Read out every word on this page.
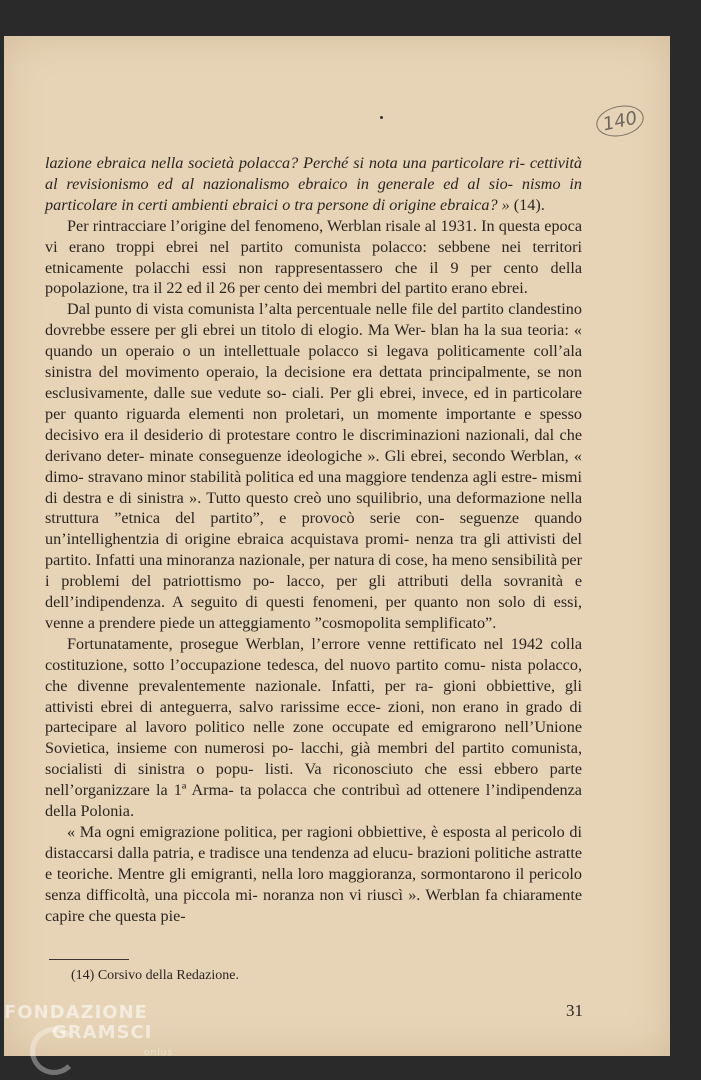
140

lazione ebraica nella società polacca? Perché si nota una particolare ri- cettività al revisionismo ed al nazionalismo ebraico in generale ed al sio- nismo in particolare in certi ambienti ebraici o tra persone di origine ebraica? » (14).

Per rintracciare l’origine del fenomeno, Werblan risale al 1931. In questa epoca vi erano troppi ebrei nel partito comunista polacco: sebbene nei territori etnicamente polacchi essi non rappresentassero che il 9 per cento della popolazione, tra il 22 ed il 26 per cento dei membri del partito erano ebrei.

Dal punto di vista comunista l’alta percentuale nelle file del partito clandestino dovrebbe essere per gli ebrei un titolo di elogio. Ma Wer- blan ha la sua teoria: « quando un operaio o un intellettuale polacco si legava politicamente coll’ala sinistra del movimento operaio, la decisione era dettata principalmente, se non esclusivamente, dalle sue vedute so- ciali. Per gli ebrei, invece, ed in particolare per quanto riguarda elementi non proletari, un momente importante e spesso decisivo era il desiderio di protestare contro le discriminazioni nazionali, dal che derivano deter- minate conseguenze ideologiche ». Gli ebrei, secondo Werblan, « dimo- stravano minor stabilità politica ed una maggiore tendenza agli estre- mismi di destra e di sinistra ». Tutto questo creò uno squilibrio, una deformazione nella struttura ”etnica del partito”, e provocò serie con- seguenze quando un’intellighentzia di origine ebraica acquistava promi- nenza tra gli attivisti del partito. Infatti una minoranza nazionale, per natura di cose, ha meno sensibilità per i problemi del patriottismo po- lacco, per gli attributi della sovranità e dell’indipendenza. A seguito di questi fenomeni, per quanto non solo di essi, venne a prendere piede un atteggiamento ”cosmopolita semplificato”.

Fortunatamente, prosegue Werblan, l’errore venne rettificato nel 1942 colla costituzione, sotto l’occupazione tedesca, del nuovo partito comu- nista polacco, che divenne prevalentemente nazionale. Infatti, per ra- gioni obbiettive, gli attivisti ebrei di anteguerra, salvo rarissime ecce- zioni, non erano in grado di partecipare al lavoro politico nelle zone occupate ed emigrarono nell’Unione Sovietica, insieme con numerosi po- lacchi, già membri del partito comunista, socialisti di sinistra o popu- listi. Va riconosciuto che essi ebbero parte nell’organizzare la 1ª Arma- ta polacca che contribuì ad ottenere l’indipendenza della Polonia.

« Ma ogni emigrazione politica, per ragioni obbiettive, è esposta al pericolo di distaccarsi dalla patria, e tradisce una tendenza ad elucu- brazioni politiche astratte e teoriche. Mentre gli emigranti, nella loro maggioranza, sormontarono il pericolo senza difficoltà, una piccola mi- noranza non vi riuscì ». Werblan fa chiaramente capire che questa pie-

(14) Corsivo della Redazione.
31
FONDAZIONE
GRAMSCI
onlus
